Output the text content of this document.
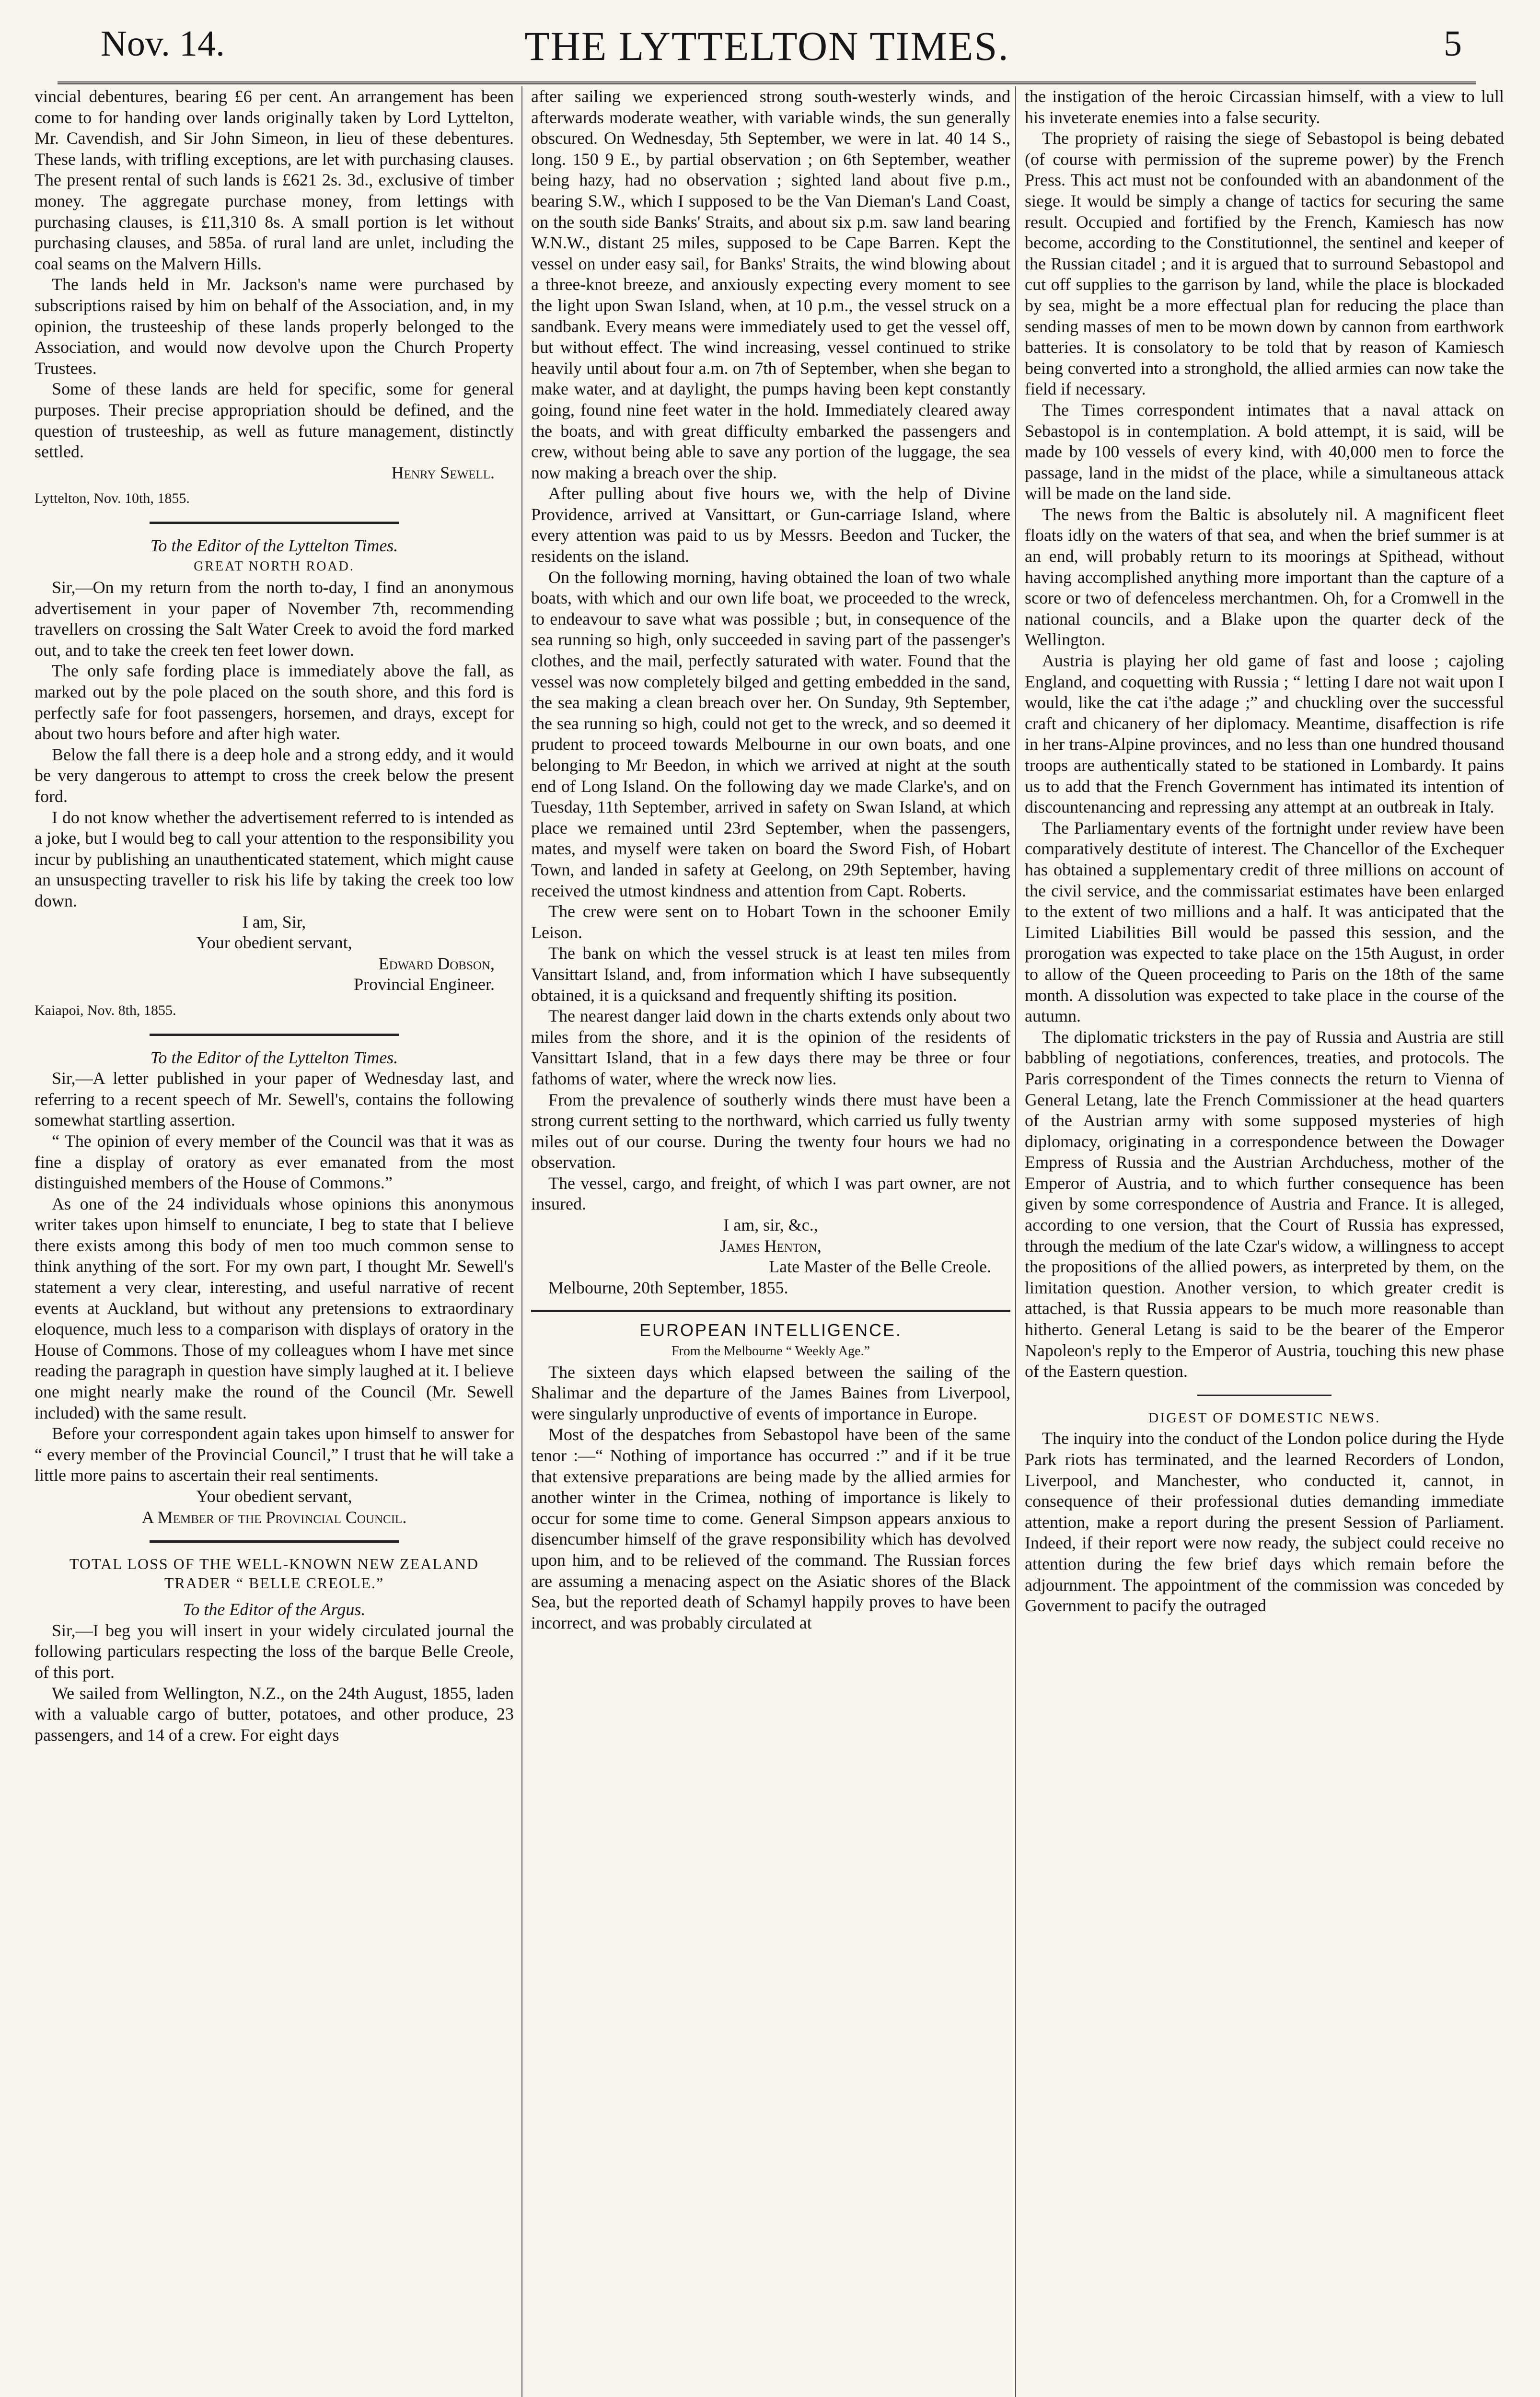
Nov. 14.	THE LYTTELTON TIMES.	5

vincial debentures, bearing £6 per cent. An arrangement has been come to for handing over lands originally taken by Lord Lyttelton, Mr. Cavendish, and Sir John Simeon, in lieu of these debentures. These lands, with trifling exceptions, are let with purchasing clauses. The present rental of such lands is £621 2s. 3d., exclusive of timber money. The aggregate purchase money, from lettings with purchasing clauses, is £11,310 8s. A small portion is let without purchasing clauses, and 585a. of rural land are unlet, including the coal seams on the Malvern Hills.

The lands held in Mr. Jackson's name were purchased by subscriptions raised by him on behalf of the Association, and, in my opinion, the trusteeship of these lands properly belonged to the Association, and would now devolve upon the Church Property Trustees.

Some of these lands are held for specific, some for general purposes. Their precise appropriation should be defined, and the question of trusteeship, as well as future management, distinctly settled.

Henry Sewell.

Lyttelton, Nov. 10th, 1855.

To the Editor of the Lyttelton Times.

GREAT NORTH ROAD.

Sir,—On my return from the north to-day, I find an anonymous advertisement in your paper of November 7th, recommending travellers on crossing the Salt Water Creek to avoid the ford marked out, and to take the creek ten feet lower down.

The only safe fording place is immediately above the fall, as marked out by the pole placed on the south shore, and this ford is perfectly safe for foot passengers, horsemen, and drays, except for about two hours before and after high water.

Below the fall there is a deep hole and a strong eddy, and it would be very dangerous to attempt to cross the creek below the present ford.

I do not know whether the advertisement referred to is intended as a joke, but I would beg to call your attention to the responsibility you incur by publishing an unauthenticated statement, which might cause an unsuspecting traveller to risk his life by taking the creek too low down.

I am, Sir,

Your obedient servant,

Edward Dobson,

Provincial Engineer.

Kaiapoi, Nov. 8th, 1855.

To the Editor of the Lyttelton Times.

Sir,—A letter published in your paper of Wednesday last, and referring to a recent speech of Mr. Sewell's, contains the following somewhat startling assertion.

“ The opinion of every member of the Council was that it was as fine a display of oratory as ever emanated from the most distinguished members of the House of Commons.”

As one of the 24 individuals whose opinions this anonymous writer takes upon himself to enunciate, I beg to state that I believe there exists among this body of men too much common sense to think anything of the sort. For my own part, I thought Mr. Sewell's statement a very clear, interesting, and useful narrative of recent events at Auckland, but without any pretensions to extraordinary eloquence, much less to a comparison with displays of oratory in the House of Commons. Those of my colleagues whom I have met since reading the paragraph in question have simply laughed at it. I believe one might nearly make the round of the Council (Mr. Sewell included) with the same result.

Before your correspondent again takes upon himself to answer for “ every member of the Provincial Council,” I trust that he will take a little more pains to ascertain their real sentiments.

Your obedient servant,

A Member of the Provincial Council.

TOTAL LOSS OF THE WELL-KNOWN NEW ZEALAND TRADER “ BELLE CREOLE.”

To the Editor of the Argus.

Sir,—I beg you will insert in your widely circulated journal the following particulars respecting the loss of the barque Belle Creole, of this port.

We sailed from Wellington, N.Z., on the 24th August, 1855, laden with a valuable cargo of butter, potatoes, and other produce, 23 passengers, and 14 of a crew. For eight days

after sailing we experienced strong south-westerly winds, and afterwards moderate weather, with variable winds, the sun generally obscured. On Wednesday, 5th September, we were in lat. 40 14 S., long. 150 9 E., by partial observation ; on 6th September, weather being hazy, had no observation ; sighted land about five p.m., bearing S.W., which I supposed to be the Van Dieman's Land Coast, on the south side Banks' Straits, and about six p.m. saw land bearing W.N.W., distant 25 miles, supposed to be Cape Barren. Kept the vessel on under easy sail, for Banks' Straits, the wind blowing about a three-knot breeze, and anxiously expecting every moment to see the light upon Swan Island, when, at 10 p.m., the vessel struck on a sandbank. Every means were immediately used to get the vessel off, but without effect. The wind increasing, vessel continued to strike heavily until about four a.m. on 7th of September, when she began to make water, and at daylight, the pumps having been kept constantly going, found nine feet water in the hold. Immediately cleared away the boats, and with great difficulty embarked the passengers and crew, without being able to save any portion of the luggage, the sea now making a breach over the ship.

After pulling about five hours we, with the help of Divine Providence, arrived at Vansittart, or Gun-carriage Island, where every attention was paid to us by Messrs. Beedon and Tucker, the residents on the island.

On the following morning, having obtained the loan of two whale boats, with which and our own life boat, we proceeded to the wreck, to endeavour to save what was possible ; but, in consequence of the sea running so high, only succeeded in saving part of the passenger's clothes, and the mail, perfectly saturated with water. Found that the vessel was now completely bilged and getting embedded in the sand, the sea making a clean breach over her. On Sunday, 9th September, the sea running so high, could not get to the wreck, and so deemed it prudent to proceed towards Melbourne in our own boats, and one belonging to Mr Beedon, in which we arrived at night at the south end of Long Island. On the following day we made Clarke's, and on Tuesday, 11th September, arrived in safety on Swan Island, at which place we remained until 23rd September, when the passengers, mates, and myself were taken on board the Sword Fish, of Hobart Town, and landed in safety at Geelong, on 29th September, having received the utmost kindness and attention from Capt. Roberts.

The crew were sent on to Hobart Town in the schooner Emily Leison.

The bank on which the vessel struck is at least ten miles from Vansittart Island, and, from information which I have subsequently obtained, it is a quicksand and frequently shifting its position.

The nearest danger laid down in the charts extends only about two miles from the shore, and it is the opinion of the residents of Vansittart Island, that in a few days there may be three or four fathoms of water, where the wreck now lies.

From the prevalence of southerly winds there must have been a strong current setting to the northward, which carried us fully twenty miles out of our course. During the twenty four hours we had no observation.

The vessel, cargo, and freight, of which I was part owner, are not insured.

I am, sir, &c.,

James Henton,

Late Master of the Belle Creole.

Melbourne, 20th September, 1855.

EUROPEAN INTELLIGENCE.

From the Melbourne “ Weekly Age.”

The sixteen days which elapsed between the sailing of the Shalimar and the departure of the James Baines from Liverpool, were singularly unproductive of events of importance in Europe.

Most of the despatches from Sebastopol have been of the same tenor :—“ Nothing of importance has occurred :” and if it be true that extensive preparations are being made by the allied armies for another winter in the Crimea, nothing of importance is likely to occur for some time to come. General Simpson appears anxious to disencumber himself of the grave responsibility which has devolved upon him, and to be relieved of the command. The Russian forces are assuming a menacing aspect on the Asiatic shores of the Black Sea, but the reported death of Schamyl happily proves to have been incorrect, and was probably circulated at

the instigation of the heroic Circassian himself, with a view to lull his inveterate enemies into a false security.

The propriety of raising the siege of Sebastopol is being debated (of course with permission of the supreme power) by the French Press. This act must not be confounded with an abandonment of the siege. It would be simply a change of tactics for securing the same result. Occupied and fortified by the French, Kamiesch has now become, according to the Constitutionnel, the sentinel and keeper of the Russian citadel ; and it is argued that to surround Sebastopol and cut off supplies to the garrison by land, while the place is blockaded by sea, might be a more effectual plan for reducing the place than sending masses of men to be mown down by cannon from earthwork batteries. It is consolatory to be told that by reason of Kamiesch being converted into a stronghold, the allied armies can now take the field if necessary.

The Times correspondent intimates that a naval attack on Sebastopol is in contemplation. A bold attempt, it is said, will be made by 100 vessels of every kind, with 40,000 men to force the passage, land in the midst of the place, while a simultaneous attack will be made on the land side.

The news from the Baltic is absolutely nil. A magnificent fleet floats idly on the waters of that sea, and when the brief summer is at an end, will probably return to its moorings at Spithead, without having accomplished anything more important than the capture of a score or two of defenceless merchantmen. Oh, for a Cromwell in the national councils, and a Blake upon the quarter deck of the Wellington.

Austria is playing her old game of fast and loose ; cajoling England, and coquetting with Russia ; “ letting I dare not wait upon I would, like the cat i'the adage ;” and chuckling over the successful craft and chicanery of her diplomacy. Meantime, disaffection is rife in her trans-Alpine provinces, and no less than one hundred thousand troops are authentically stated to be stationed in Lombardy. It pains us to add that the French Government has intimated its intention of discountenancing and repressing any attempt at an outbreak in Italy.

The Parliamentary events of the fortnight under review have been comparatively destitute of interest. The Chancellor of the Exchequer has obtained a supplementary credit of three millions on account of the civil service, and the commissariat estimates have been enlarged to the extent of two millions and a half. It was anticipated that the Limited Liabilities Bill would be passed this session, and the prorogation was expected to take place on the 15th August, in order to allow of the Queen proceeding to Paris on the 18th of the same month. A dissolution was expected to take place in the course of the autumn.

The diplomatic tricksters in the pay of Russia and Austria are still babbling of negotiations, conferences, treaties, and protocols. The Paris correspondent of the Times connects the return to Vienna of General Letang, late the French Commissioner at the head quarters of the Austrian army with some supposed mysteries of high diplomacy, originating in a correspondence between the Dowager Empress of Russia and the Austrian Archduchess, mother of the Emperor of Austria, and to which further consequence has been given by some correspondence of Austria and France. It is alleged, according to one version, that the Court of Russia has expressed, through the medium of the late Czar's widow, a willingness to accept the propositions of the allied powers, as interpreted by them, on the limitation question. Another version, to which greater credit is attached, is that Russia appears to be much more reasonable than hitherto. General Letang is said to be the bearer of the Emperor Napoleon's reply to the Emperor of Austria, touching this new phase of the Eastern question.

DIGEST OF DOMESTIC NEWS.

The inquiry into the conduct of the London police during the Hyde Park riots has terminated, and the learned Recorders of London, Liverpool, and Manchester, who conducted it, cannot, in consequence of their professional duties demanding immediate attention, make a report during the present Session of Parliament. Indeed, if their report were now ready, the subject could receive no attention during the few brief days which remain before the adjournment. The appointment of the commission was conceded by Government to pacify the outraged
